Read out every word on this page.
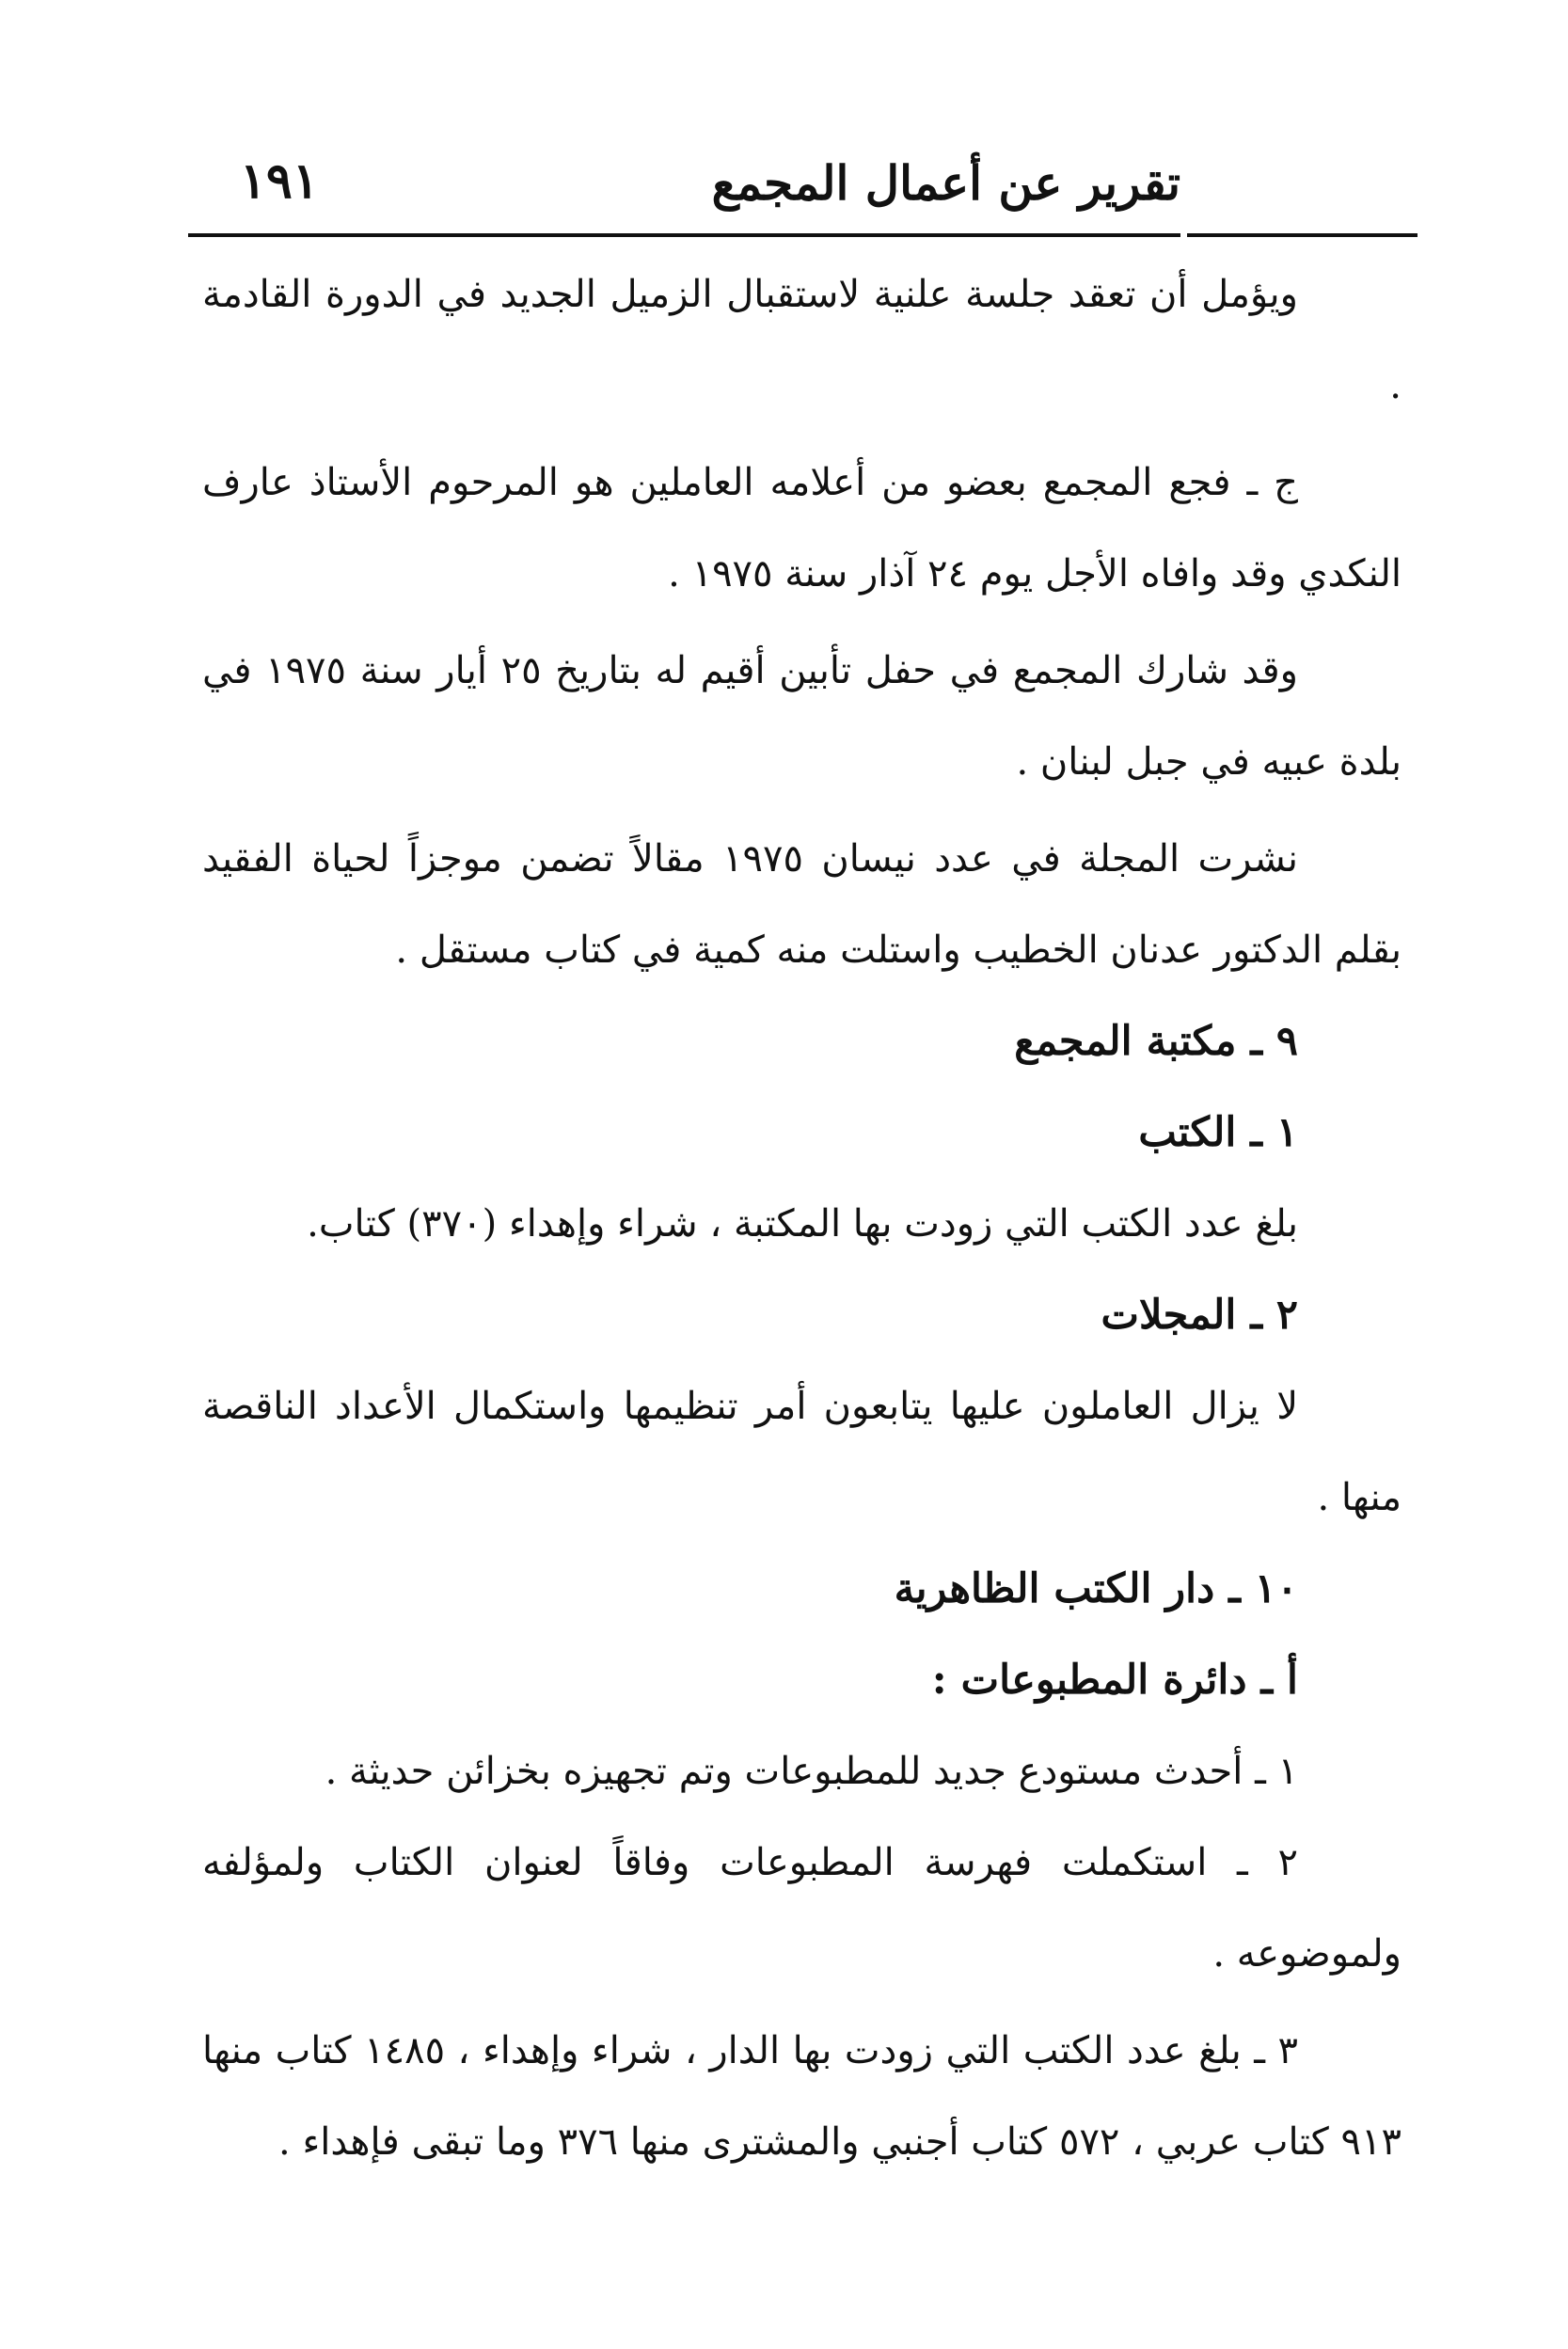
تقرير عن أعمال المجمع
١٩١

ويؤمل أن تعقد جلسة علنية لاستقبال الزميل الجديد في الدورة القادمة .

ج ـ فجع المجمع بعضو من أعلامه العاملين هو المرحوم الأستاذ عارف النكدي وقد وافاه الأجل يوم ٢٤ آذار سنة ١٩٧٥ .

وقد شارك المجمع في حفل تأبين أقيم له بتاريخ ٢٥ أيار سنة ١٩٧٥ في بلدة عبيه في جبل لبنان .

نشرت المجلة في عدد نيسان ١٩٧٥ مقالاً تضمن موجزاً لحياة الفقيد بقلم الدكتور عدنان الخطيب واستلت منه كمية في كتاب مستقل .

٩ ـ مكتبة المجمع

١ ـ الكتب

بلغ عدد الكتب التي زودت بها المكتبة ، شراء وإهداء (٣٧٠) كتاب.

٢ ـ المجلات

لا يزال العاملون عليها يتابعون أمر تنظيمها واستكمال الأعداد الناقصة منها .

١٠ ـ دار الكتب الظاهرية

أ ـ دائرة المطبوعات :

١ ـ أحدث مستودع جديد للمطبوعات وتم تجهيزه بخزائن حديثة .

٢ ـ استكملت فهرسة المطبوعات وفاقاً لعنوان الكتاب ولمؤلفه ولموضوعه .

٣ ـ بلغ عدد الكتب التي زودت بها الدار ، شراء وإهداء ، ١٤٨٥ كتاب منها ٩١٣ كتاب عربي ، ٥٧٢ كتاب أجنبي والمشترى منها ٣٧٦ وما تبقى فإهداء .
